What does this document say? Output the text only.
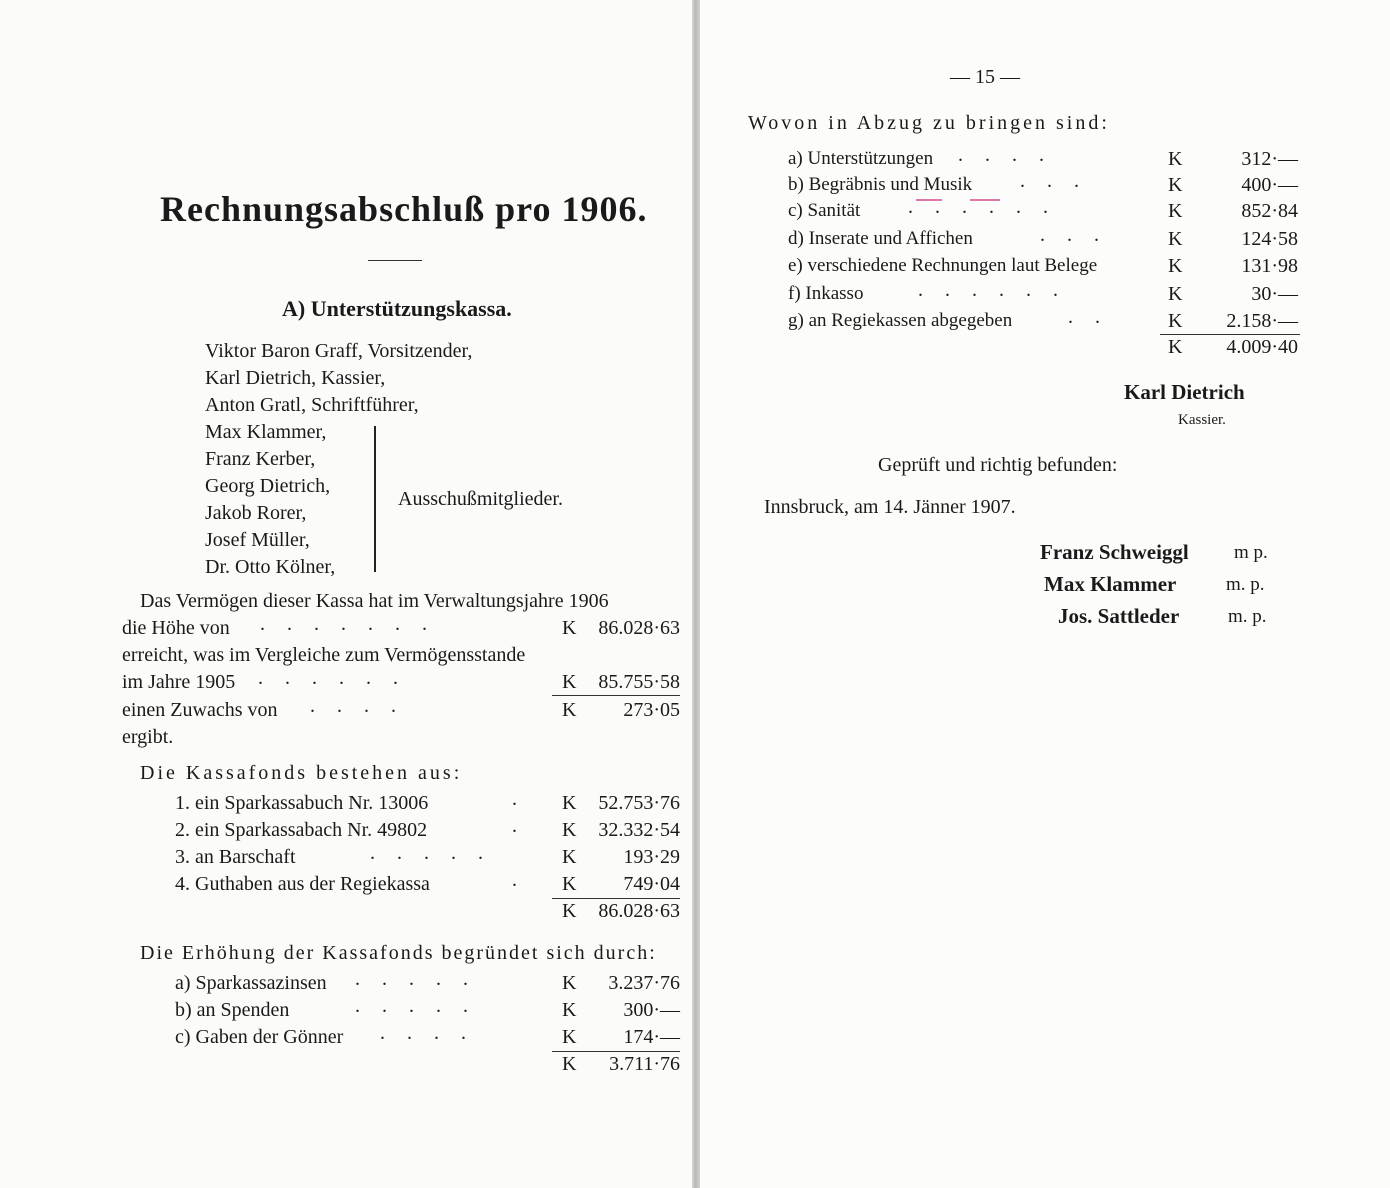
Rechnungsabschluß pro 1906.
A) Unterstützungskassa.
Viktor Baron Graff, Vorsitzender,
Karl Dietrich, Kassier,
Anton Gratl, Schriftführer,
Max Klammer,
Franz Kerber,
Georg Dietrich,
Jakob Rorer,
Josef Müller,
Dr. Otto Kölner,
Ausschußmitglieder.
Das Vermögen dieser Kassa hat im Verwaltungsjahre 1906
die Höhe von .......	K	86.028·63
erreicht, was im Vergleiche zum Vermögensstande
im Jahre 1905 ......	K	85.755·58
einen Zuwachs von ....	K	273·05
ergibt.
Die Kassafonds bestehen aus:
1. ein Sparkassabuch Nr. 13006	. K	52.753·76
2. ein Sparkassabach Nr. 49802	. K	32.332·54
3. an Barschaft	.....	K	193·29
4. Guthaben aus der Regiekassa	. K	749·04
K	86.028·63
Die Erhöhung der Kassafonds begründet sich durch:
a) Sparkassazinsen .....	K	3.237·76
b) an Spenden	.....	K	300·—
c) Gaben der Gönner ....	K	174·—
K	3.711·76
— 15 —
Wovon in Abzug zu bringen sind:
a) Unterstützungen ....	K	312·—
b) Begräbnis und Musik ...	K	400·—
c) Sanität ......	K	852·84
d) Inserate und Affichen	... K	124·58
e) verschiedene Rechnungen laut Belege	K	131·98
f) Inkasso	......	K	30·—
g) an Regiekassen abgegeben	.. K	2.158·—
K	4.009·40
Karl Dietrich
Kassier.
Geprüft und richtig befunden:
Innsbruck, am 14. Jänner 1907.
Franz Schweiggl m p.
Max Klammer	m. p.
Jos. Sattleder	m. p.
